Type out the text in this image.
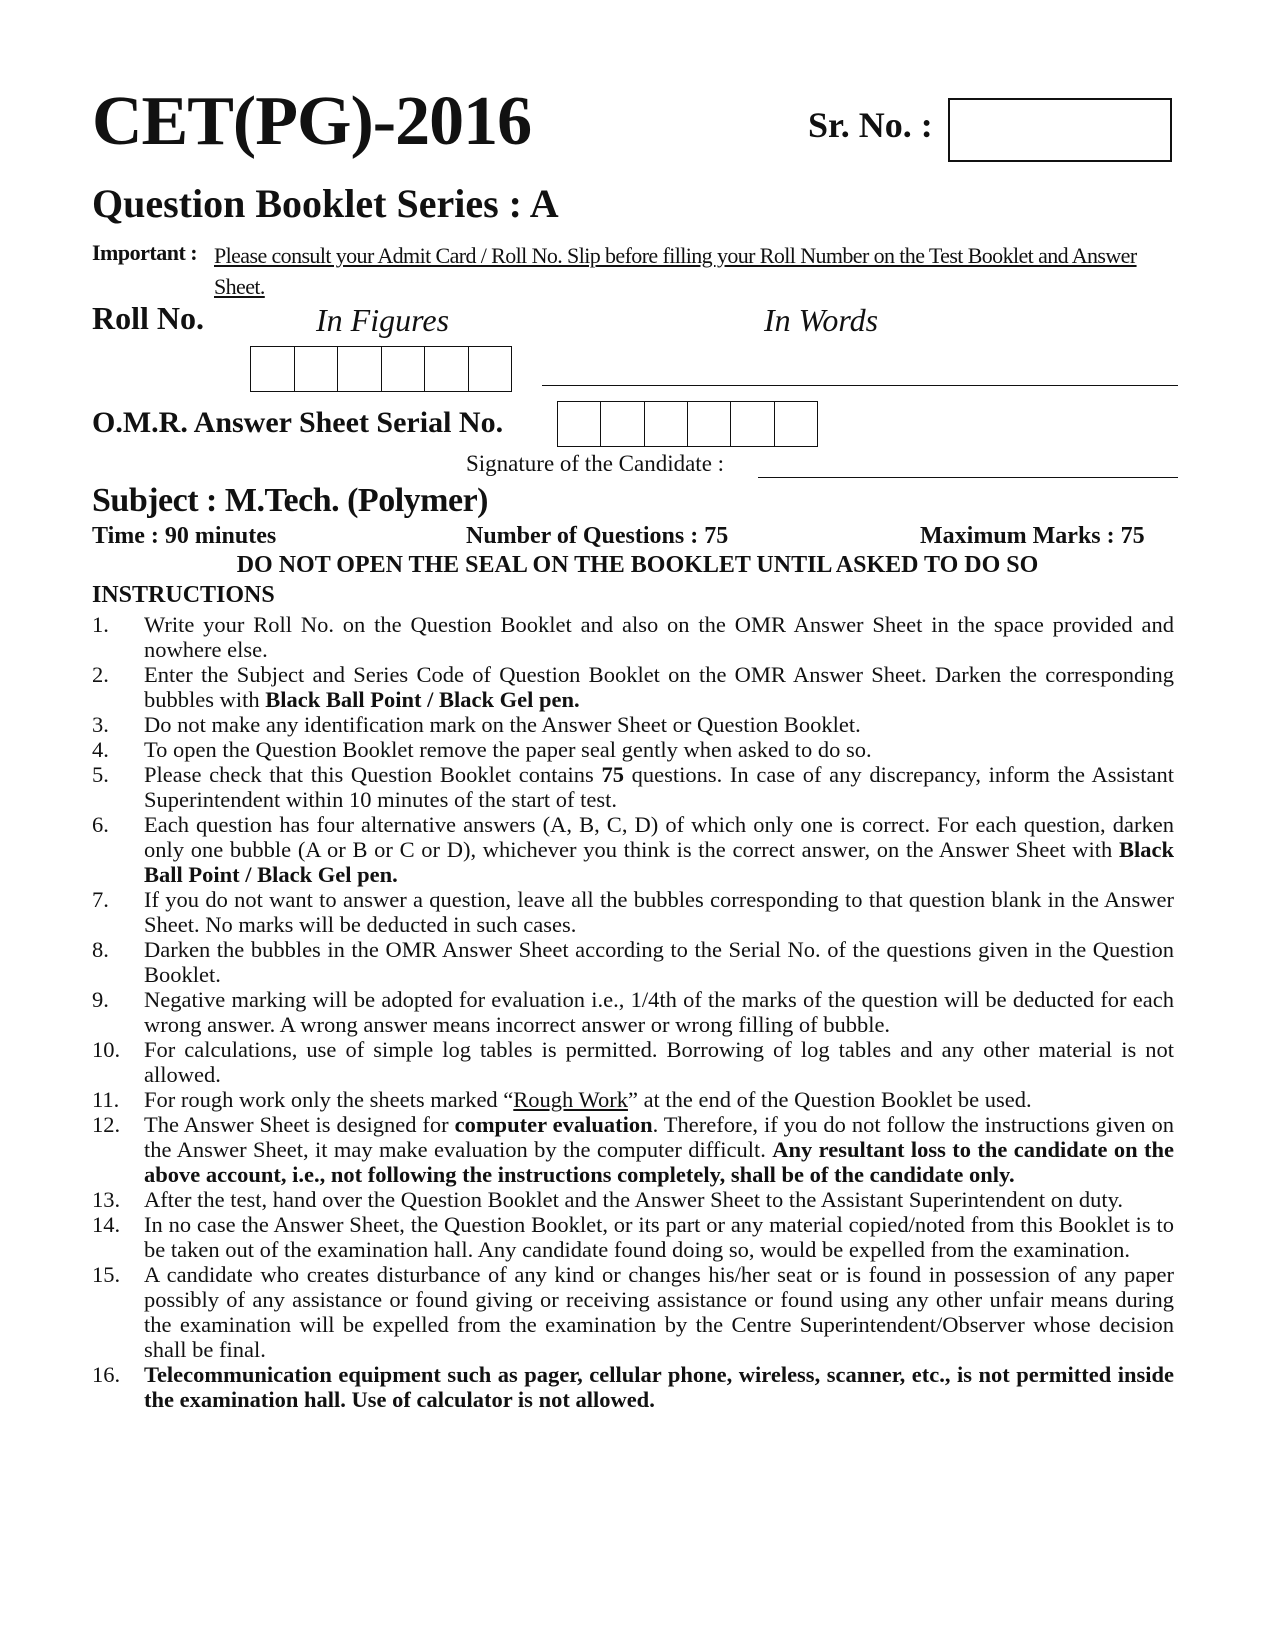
CET(PG)-2016	Sr. No. :
Question Booklet Series : A
Important : Please consult your Admit Card / Roll No. Slip before filling your Roll Number on the Test Booklet and Answer Sheet.
Roll No.	In Figures	In Words
O.M.R. Answer Sheet Serial No.
Signature of the Candidate :
Subject : M.Tech. (Polymer)
Time : 90 minutes	Number of Questions : 75	Maximum Marks : 75
DO NOT OPEN THE SEAL ON THE BOOKLET UNTIL ASKED TO DO SO
INSTRUCTIONS
1.	Write your Roll No. on the Question Booklet and also on the OMR Answer Sheet in the space provided and nowhere else.
2.	Enter the Subject and Series Code of Question Booklet on the OMR Answer Sheet. Darken the corresponding bubbles with Black Ball Point / Black Gel pen.
3.	Do not make any identification mark on the Answer Sheet or Question Booklet.
4.	To open the Question Booklet remove the paper seal gently when asked to do so.
5.	Please check that this Question Booklet contains 75 questions. In case of any discrepancy, inform the Assistant Superintendent within 10 minutes of the start of test.
6.	Each question has four alternative answers (A, B, C, D) of which only one is correct. For each question, darken only one bubble (A or B or C or D), whichever you think is the correct answer, on the Answer Sheet with Black Ball Point / Black Gel pen.
7.	If you do not want to answer a question, leave all the bubbles corresponding to that question blank in the Answer Sheet. No marks will be deducted in such cases.
8.	Darken the bubbles in the OMR Answer Sheet according to the Serial No. of the questions given in the Question Booklet.
9.	Negative marking will be adopted for evaluation i.e., 1/4th of the marks of the question will be deducted for each wrong answer. A wrong answer means incorrect answer or wrong filling of bubble.
10.	For calculations, use of simple log tables is permitted. Borrowing of log tables and any other material is not allowed.
11.	For rough work only the sheets marked “Rough Work” at the end of the Question Booklet be used.
12.	The Answer Sheet is designed for computer evaluation. Therefore, if you do not follow the instructions given on the Answer Sheet, it may make evaluation by the computer difficult. Any resultant loss to the candidate on the above account, i.e., not following the instructions completely, shall be of the candidate only.
13.	After the test, hand over the Question Booklet and the Answer Sheet to the Assistant Superintendent on duty.
14.	In no case the Answer Sheet, the Question Booklet, or its part or any material copied/noted from this Booklet is to be taken out of the examination hall. Any candidate found doing so, would be expelled from the examination.
15.	A candidate who creates disturbance of any kind or changes his/her seat or is found in possession of any paper possibly of any assistance or found giving or receiving assistance or found using any other unfair means during the examination will be expelled from the examination by the Centre Superintendent/Observer whose decision shall be final.
16.	Telecommunication equipment such as pager, cellular phone, wireless, scanner, etc., is not permitted inside the examination hall. Use of calculator is not allowed.
